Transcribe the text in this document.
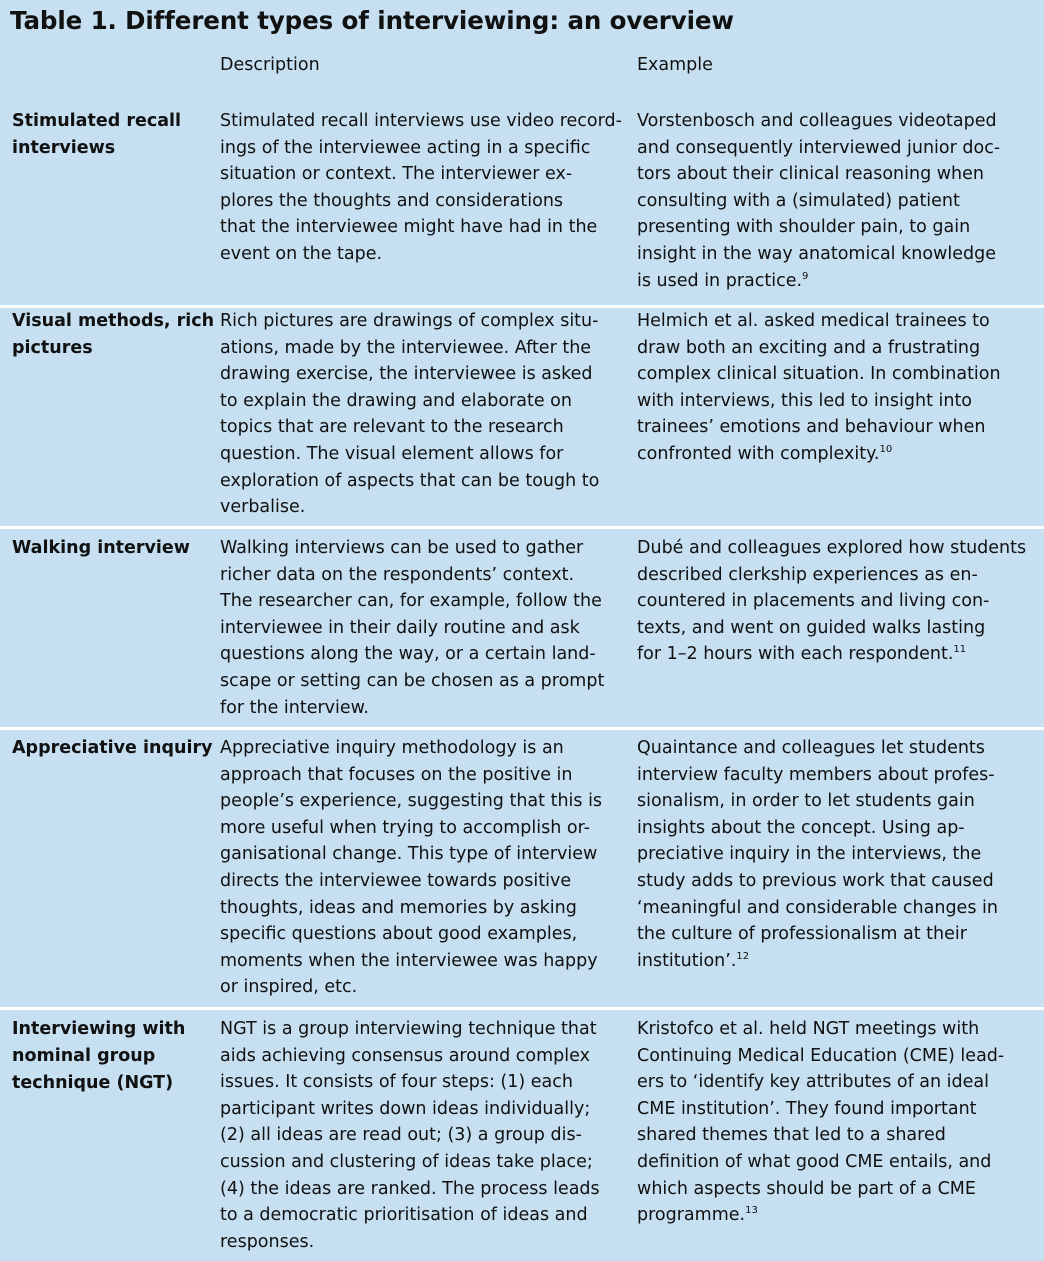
Table 1. Different types of interviewing: an overview
Description	Example
Stimulated recall
interviews
Stimulated recall interviews use video record-
ings of the interviewee acting in a specific
situation or context. The interviewer ex-
plores the thoughts and considerations
that the interviewee might have had in the
event on the tape.
Vorstenbosch and colleagues videotaped
and consequently interviewed junior doc-
tors about their clinical reasoning when
consulting with a (simulated) patient
presenting with shoulder pain, to gain
insight in the way anatomical knowledge
is used in practice.$^9$
Visual methods, rich
pictures
Rich pictures are drawings of complex situ-
ations, made by the interviewee. After the
drawing exercise, the interviewee is asked
to explain the drawing and elaborate on
topics that are relevant to the research
question. The visual element allows for
exploration of aspects that can be tough to
verbalise.
Helmich et al. asked medical trainees to
draw both an exciting and a frustrating
complex clinical situation. In combination
with interviews, this led to insight into
trainees’ emotions and behaviour when
confronted with complexity.$^{10}$
Walking interview	Walking interviews can be used to gather
richer data on the respondents’ context.
The researcher can, for example, follow the
interviewee in their daily routine and ask
questions along the way, or a certain land-
scape or setting can be chosen as a prompt
for the interview.
Dubé and colleagues explored how students
described clerkship experiences as en-
countered in placements and living con-
texts, and went on guided walks lasting
for 1–2 hours with each respondent.$^{11}$
Appreciative inquiry Appreciative inquiry methodology is an
approach that focuses on the positive in
people’s experience, suggesting that this is
more useful when trying to accomplish or-
ganisational change. This type of interview
directs the interviewee towards positive
thoughts, ideas and memories by asking
specific questions about good examples,
moments when the interviewee was happy
or inspired, etc.
Quaintance and colleagues let students
interview faculty members about profes-
sionalism, in order to let students gain
insights about the concept. Using ap-
preciative inquiry in the interviews, the
study adds to previous work that caused
‘meaningful and considerable changes in
the culture of professionalism at their
institution’.$^{12}$
Interviewing with
nominal group
technique (NGT)
NGT is a group interviewing technique that
aids achieving consensus around complex
issues. It consists of four steps: (1) each
participant writes down ideas individually;
(2) all ideas are read out; (3) a group dis-
cussion and clustering of ideas take place;
(4) the ideas are ranked. The process leads
to a democratic prioritisation of ideas and
responses.
Kristofco et al. held NGT meetings with
Continuing Medical Education (CME) lead-
ers to ‘identify key attributes of an ideal
CME institution’. They found important
shared themes that led to a shared
definition of what good CME entails, and
which aspects should be part of a CME
programme.$^{13}$
